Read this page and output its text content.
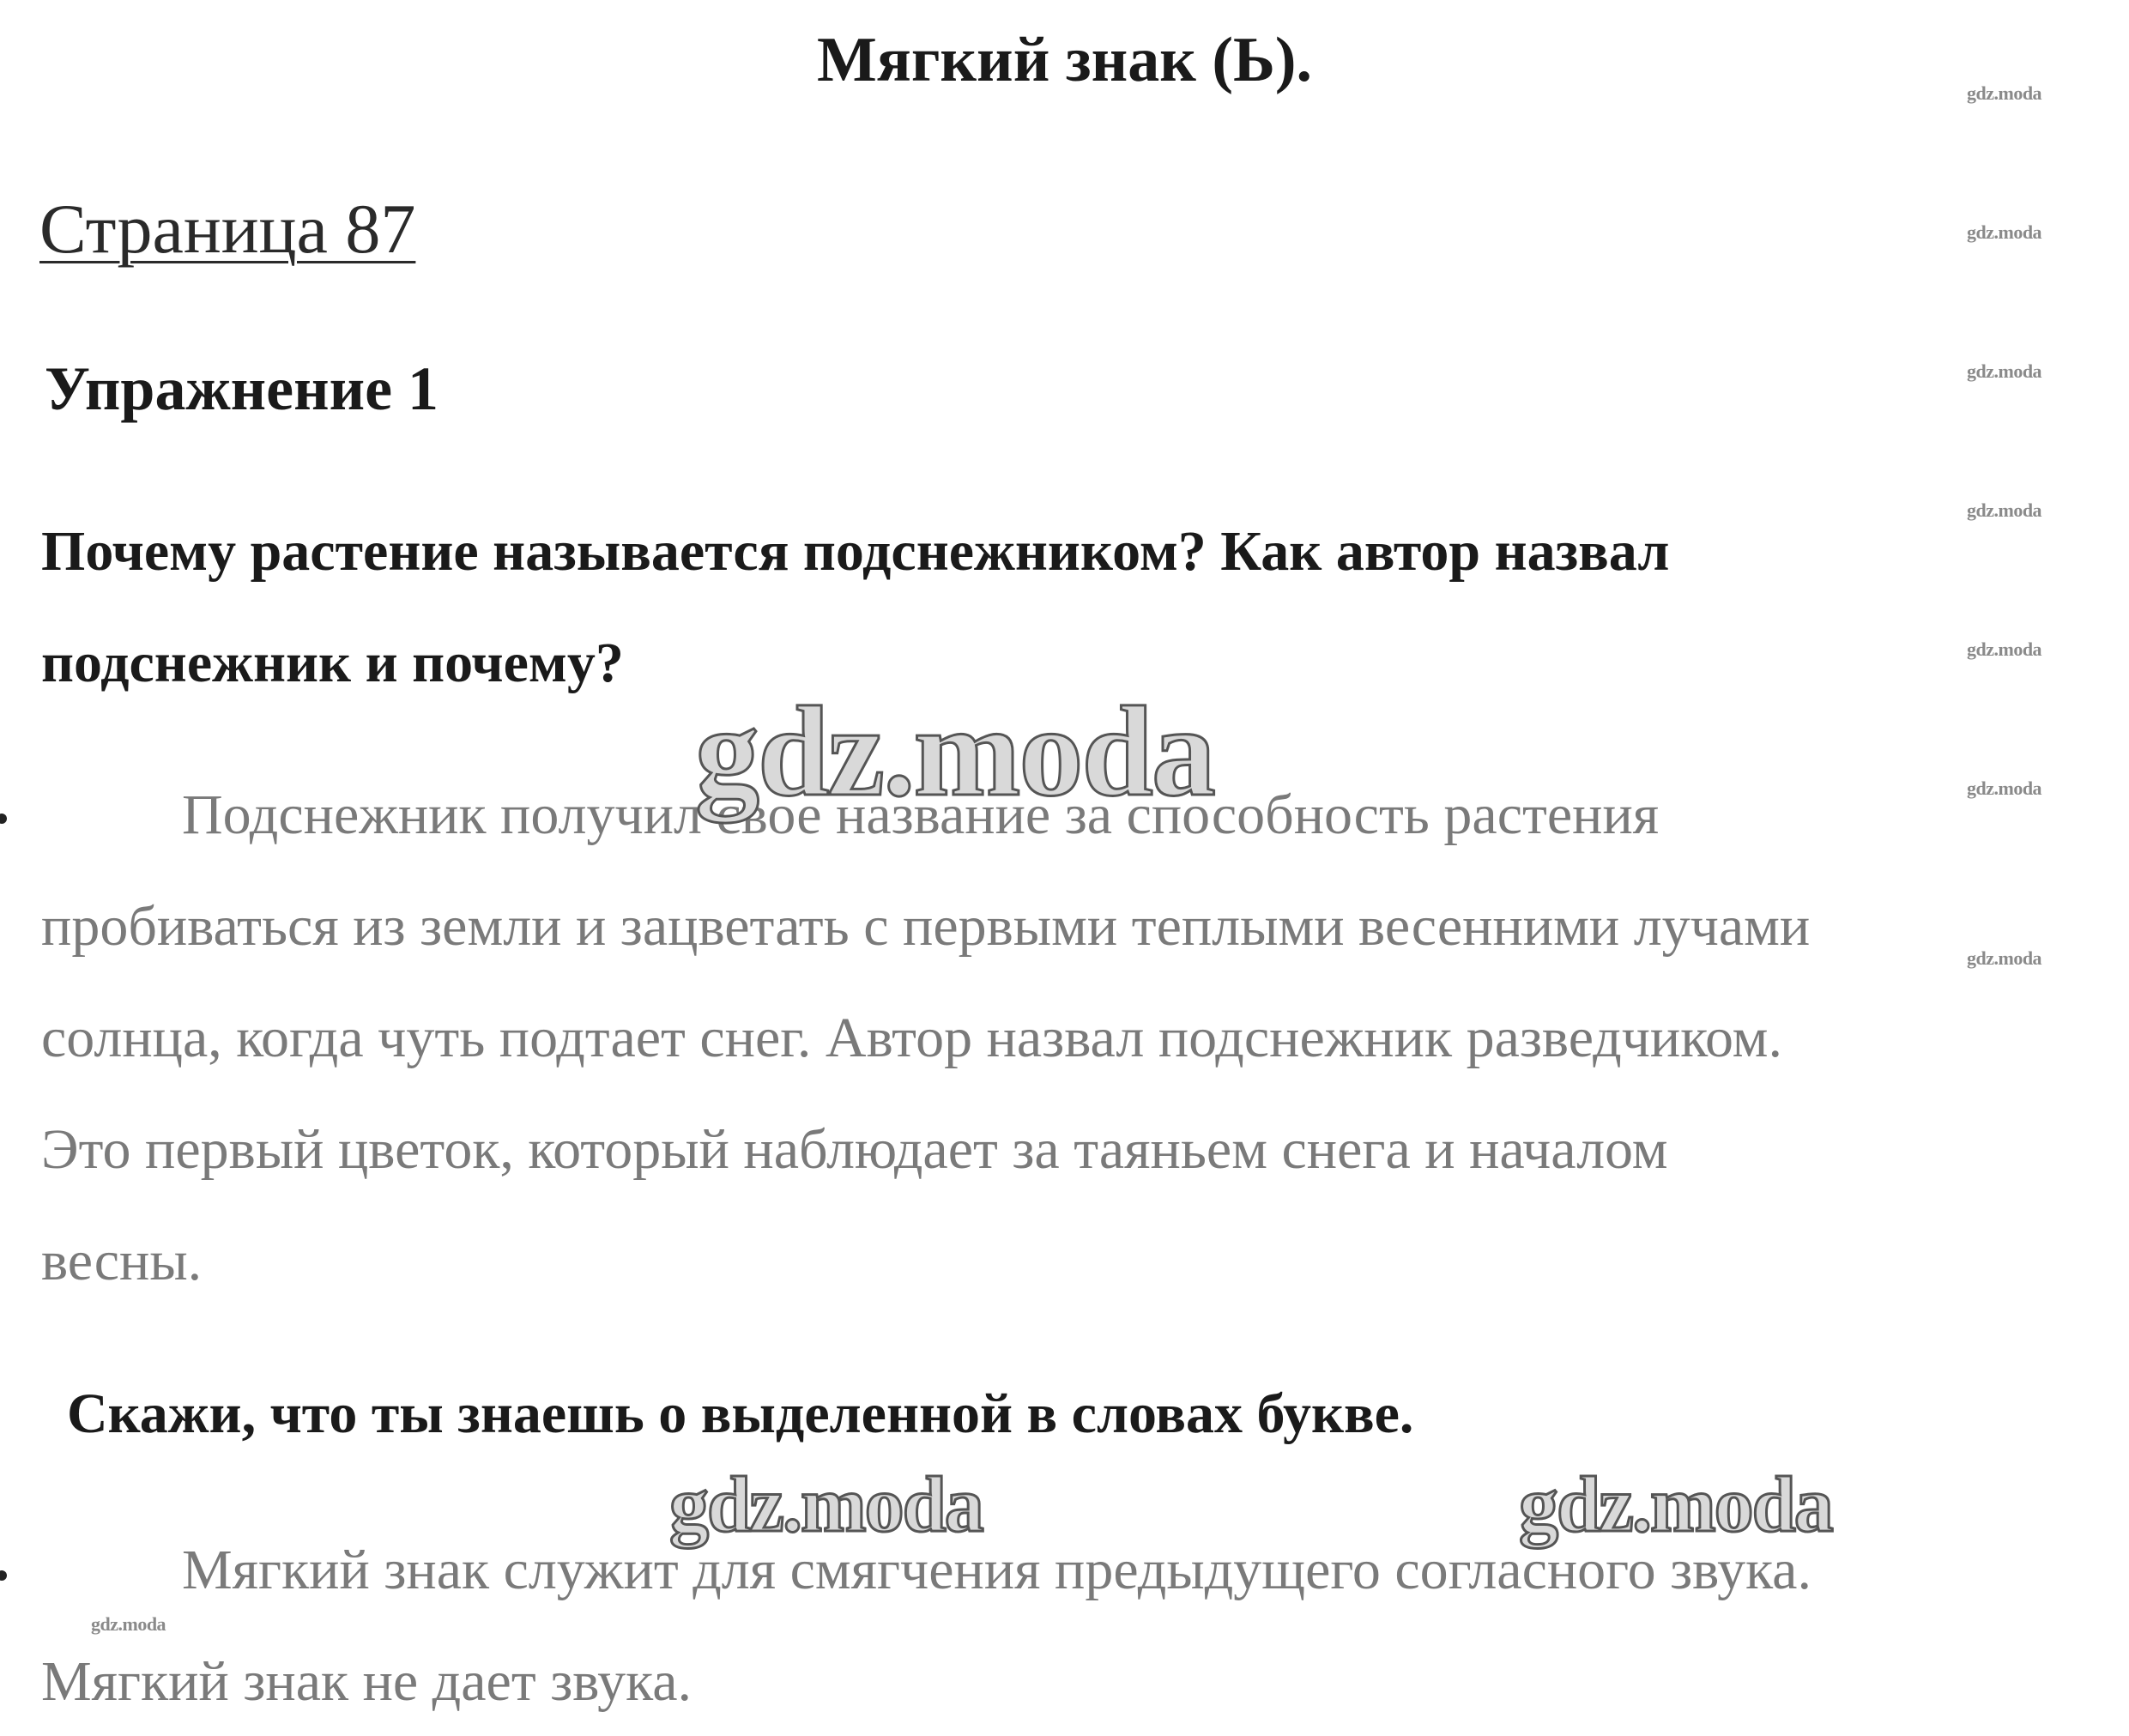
Мягкий знак (Ь).
Страница 87
Упражнение 1
Почему растение называется подснежником? Как автор назвал
подснежник и почему?
Подснежник получил свое название за способность растения
пробиваться из земли и зацветать с первыми теплыми весенними лучами
солнца, когда чуть подтает снег. Автор назвал подснежник разведчиком.
Это первый цветок, который наблюдает за таяньем снега и началом
весны.
Скажи, что ты знаешь о выделенной в словах букве.
Мягкий знак служит для смягчения предыдущего согласного звука.
Мягкий знак не дает звука.
gdz.moda
gdz.moda
gdz.moda
gdz.moda
gdz.moda
gdz.moda
gdz.moda
gdz.moda
gdz.moda
gdz.moda	gdz.moda
